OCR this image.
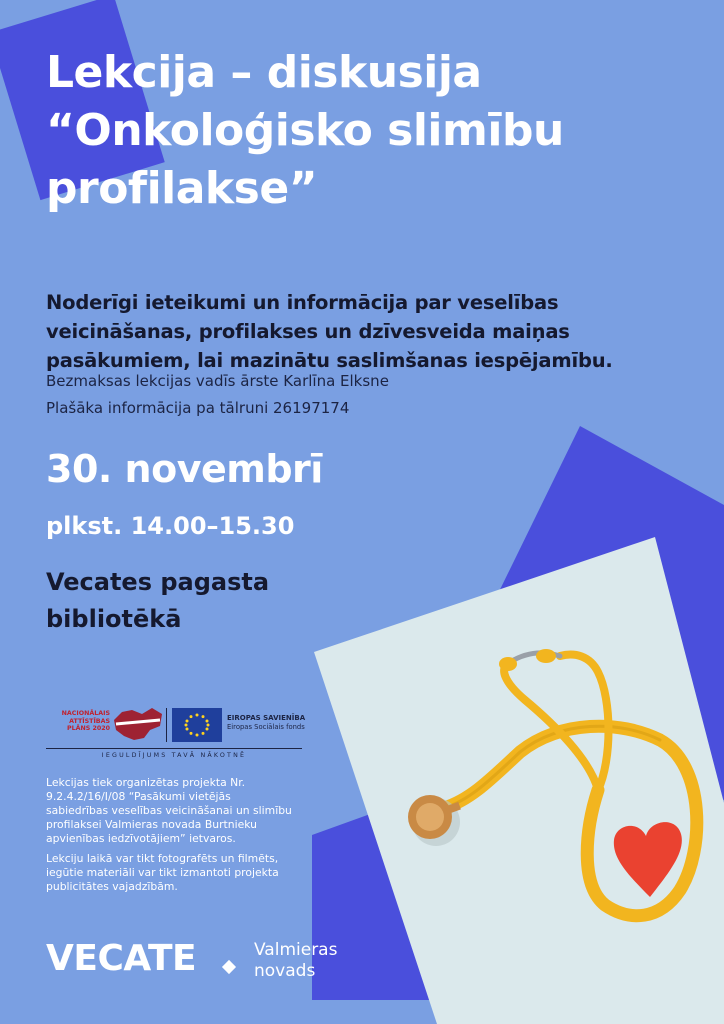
Lekcija – diskusija “Onkoloģisko slimību profilakse”

Noderīgi ieteikumi un informācija par veselības veicināšanas, profilakses un dzīvesveida maiņas pasākumiem, lai mazinātu saslimšanas iespējamību.

Bezmaksas lekcijas vadīs ārste Karlīna Elksne

Plašāka informācija pa tālruni 26197174

30. novembrī

plkst. 14.00–15.30

Vecates pagasta bibliotēkā

NACIONĀLAIS ATTĪSTĪBAS PLĀNS 2020
EIROPAS SAVIENĪBA
Eiropas Sociālais fonds
IEGULDĪJUMS TAVĀ NĀKOTNĒ

Lekcijas tiek organizētas projekta Nr. 9.2.4.2/16/I/08 “Pasākumi vietējās sabiedrības veselības veicināšanai un slimību profilaksei Valmieras novada Burtnieku apvienības iedzīvotājiem” ietvaros.

Lekciju laikā var tikt fotografēts un filmēts, iegūtie materiāli var tikt izmantoti projekta publicitātes vajadzībām.

VECATE	Valmieras novads
